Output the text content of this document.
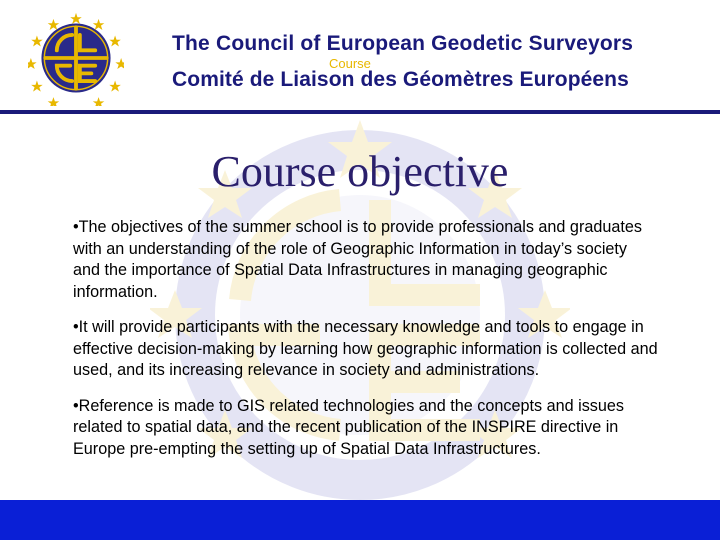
The Council of European Geodetic Surveyors
Course
Comité de Liaison des Géomètres Européens
Course objective

•The objectives of the summer school is to provide professionals and graduates with an understanding of the role of Geographic Information in today’s society and the importance of Spatial Data Infrastructures in managing geographic information.

•It will provide participants with the necessary knowledge and tools to engage in effective decision-making by learning how geographic information is collected and used, and its increasing relevance in society and administrations.

•Reference is made to GIS related technologies and the concepts and issues related to spatial data, and the recent publication of the INSPIRE directive in Europe pre-empting the setting up of Spatial Data Infrastructures.
